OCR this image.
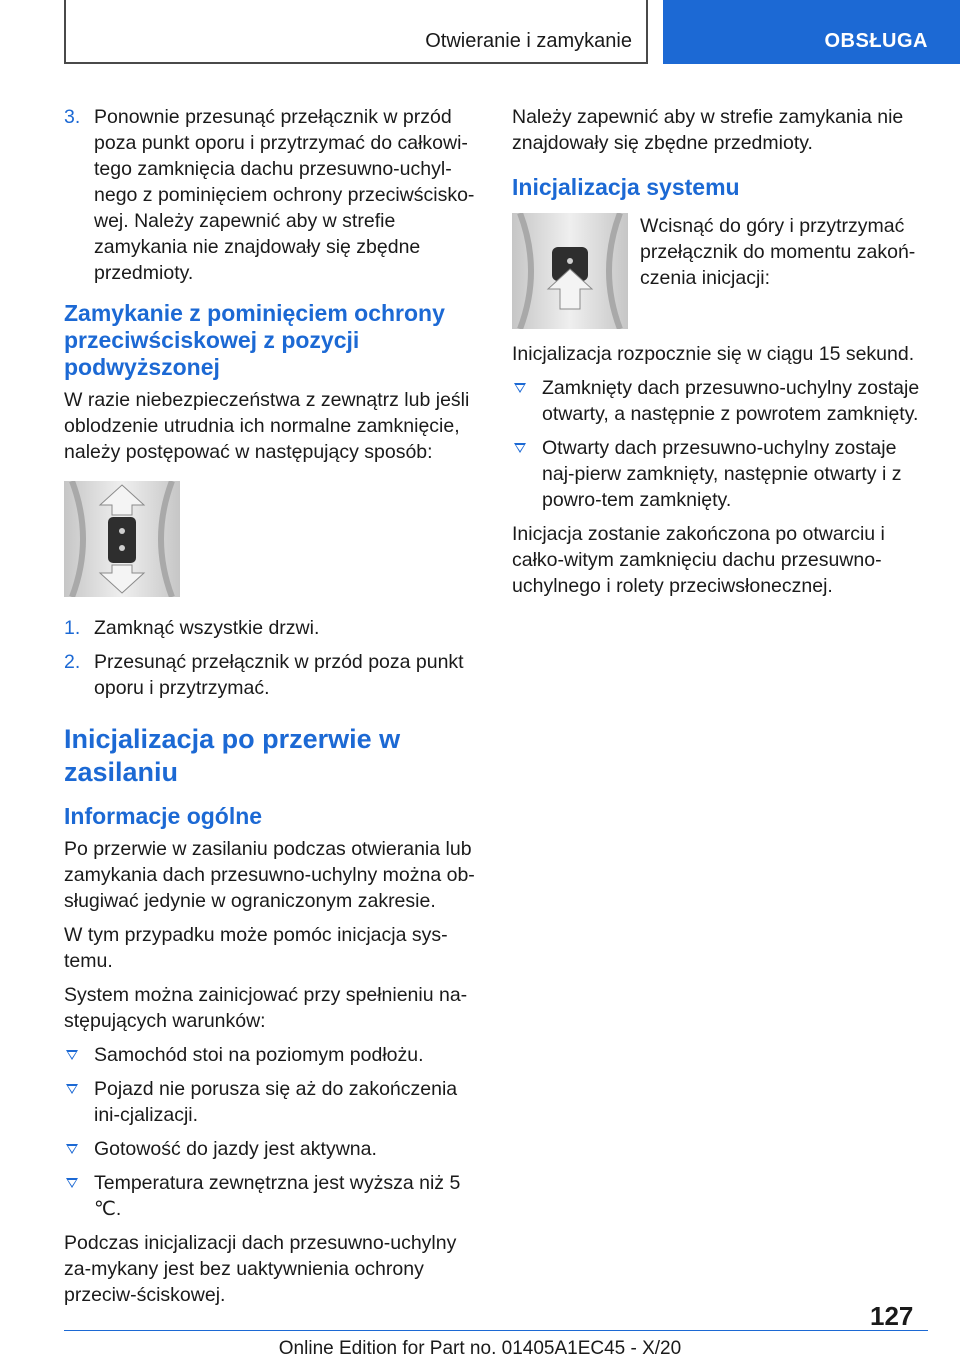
Otwieranie i zamykanie	OBSŁUGA
3. Ponownie przesunąć przełącznik w przód poza punkt oporu i przytrzymać do całkowi-tego zamknięcia dachu przesuwno-uchyl-nego z pominięciem ochrony przeciwścisko-wej. Należy zapewnić aby w strefie zamykania nie znajdowały się zbędne przedmioty.
Zamykanie z pominięciem ochrony przeciwściskowej z pozycji podwyższonej

W razie niebezpieczeństwa z zewnątrz lub jeśli oblodzenie utrudnia ich normalne zamknięcie, należy postępować w następujący sposób:

1. Zamknąć wszystkie drzwi.
2. Przesunąć przełącznik w przód poza punkt oporu i przytrzymać.
Inicjalizacja po przerwie w zasilaniu
Informacje ogólne

Po przerwie w zasilaniu podczas otwierania lub zamykania dach przesuwno-uchylny można ob-sługiwać jedynie w ograniczonym zakresie.

W tym przypadku może pomóc inicjacja sys-temu.

System można zainicjować przy spełnieniu na-stępujących warunków:

Samochód stoi na poziomym podłożu.
Pojazd nie porusza się aż do zakończenia ini-cjalizacji.
Gotowość do jazdy jest aktywna.
Temperatura zewnętrzna jest wyższa niż 5 ℃.

Podczas inicjalizacji dach przesuwno-uchylny za-mykany jest bez uaktywnienia ochrony przeciw-ściskowej.

Należy zapewnić aby w strefie zamykania nie znajdowały się zbędne przedmioty.

Inicjalizacja systemu

Wcisnąć do góry i przytrzymać przełącznik do momentu zakoń-czenia inicjacji:

Inicjalizacja rozpocznie się w ciągu 15 sekund.

Zamknięty dach przesuwno-uchylny zostaje otwarty, a następnie z powrotem zamknięty.
Otwarty dach przesuwno-uchylny zostaje naj-pierw zamknięty, następnie otwarty i z powro-tem zamknięty.

Inicjacja zostanie zakończona po otwarciu i całko-witym zamknięciu dachu przesuwno-uchylnego i rolety przeciwsłonecznej.

127
Online Edition for Part no. 01405A1EC45 - X/20
